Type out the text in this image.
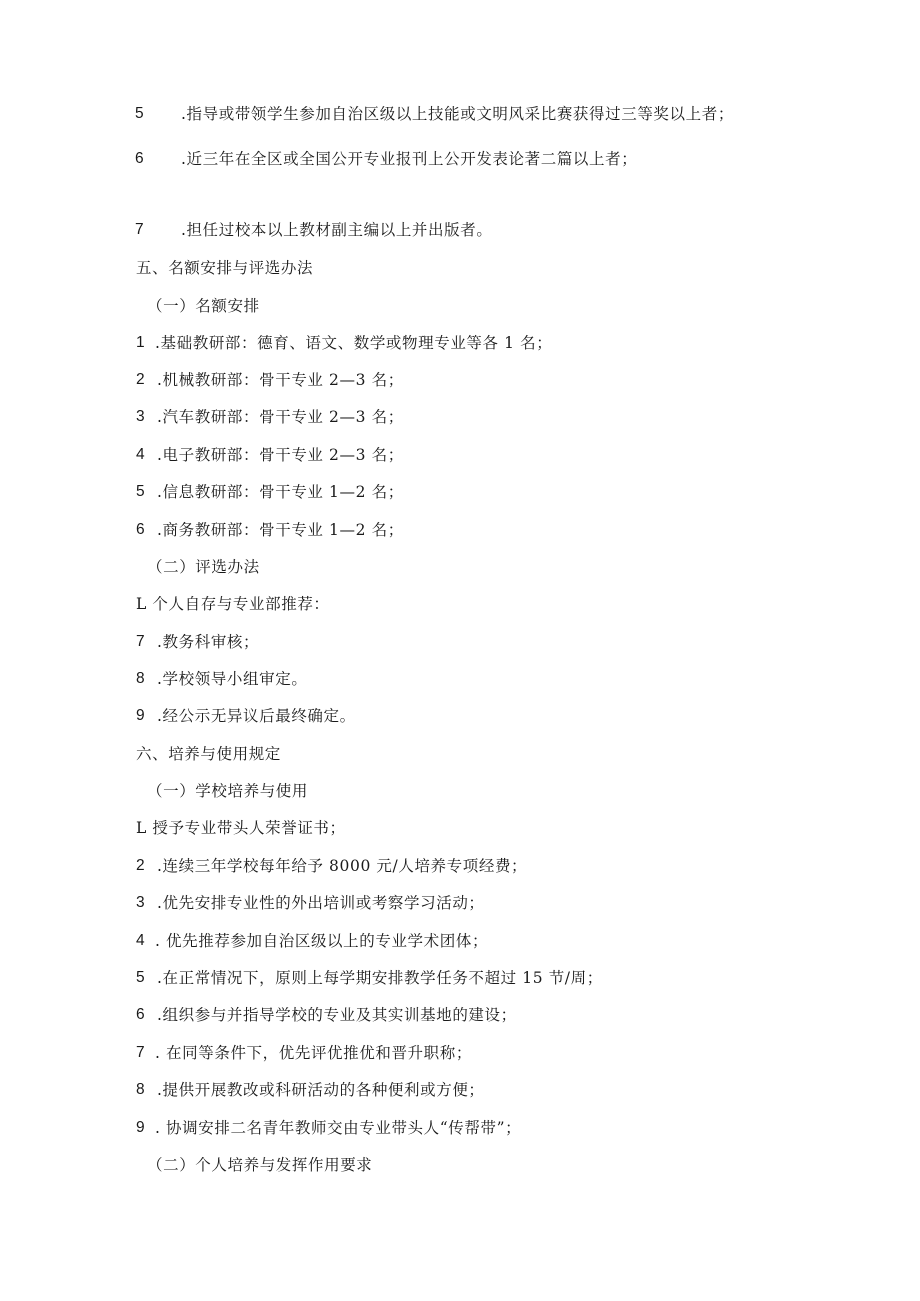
5 .指导或带领学生参加自治区级以上技能或文明风采比赛获得过三等奖以上者；
6 .近三年在全区或全国公开专业报刊上公开发表论著二篇以上者；
7 .担任过校本以上教材副主编以上并出版者。
五、名额安排与评选办法
（一）名额安排
1 .基础教研部：德育、语文、数学或物理专业等各 1 名；
2 .机械教研部：骨干专业 2—3 名；
3 .汽车教研部：骨干专业 2—3 名；
4 .电子教研部：骨干专业 2—3 名；
5 .信息教研部：骨干专业 1—2 名；
6 .商务教研部：骨干专业 1—2 名；
（二）评选办法
L 个人自存与专业部推荐：
7 .教务科审核；
8 .学校领导小组审定。
9 .经公示无异议后最终确定。
六、培养与使用规定
（一）学校培养与使用
L 授予专业带头人荣誉证书；
2 .连续三年学校每年给予 8000 元/人培养专项经费；
3 .优先安排专业性的外出培训或考察学习活动；
4 . 优先推荐参加自治区级以上的专业学术团体；
5 .在正常情况下，原则上每学期安排教学任务不超过 15 节/周；
6 .组织参与并指导学校的专业及其实训基地的建设；
7 . 在同等条件下，优先评优推优和晋升职称；
8 .提供开展教改或科研活动的各种便利或方便；
9 . 协调安排二名青年教师交由专业带头人“传帮带”；
（二）个人培养与发挥作用要求
